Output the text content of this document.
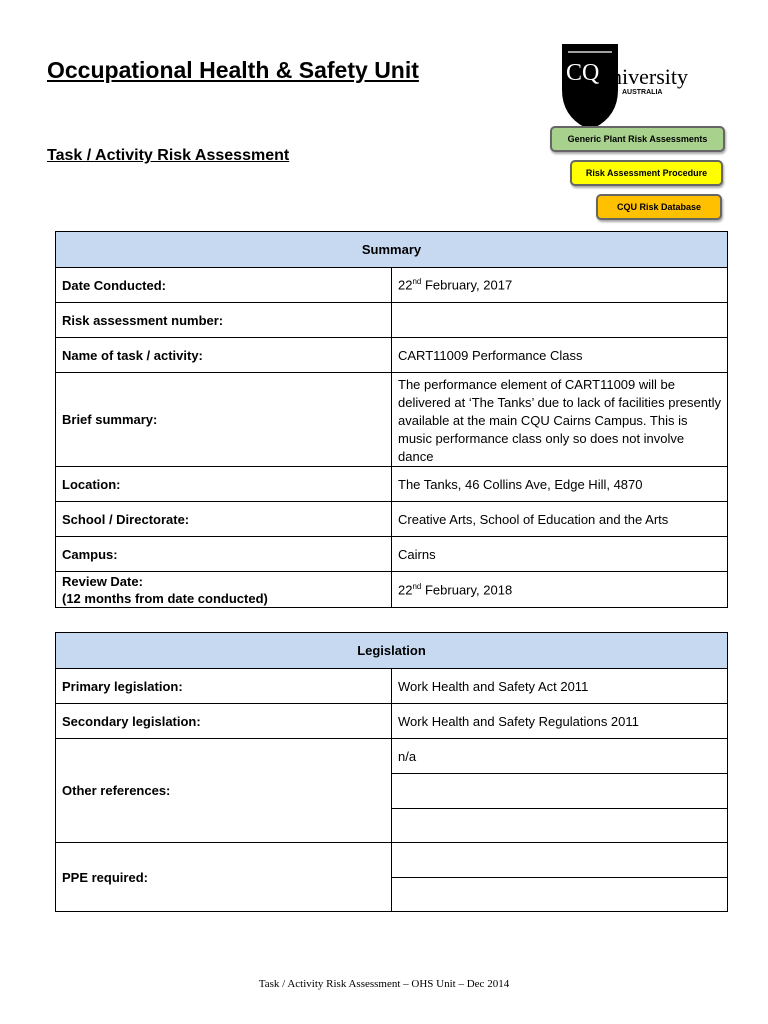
Occupational Health & Safety Unit
Task / Activity Risk Assessment
CQ university
AUSTRALIA
Generic Plant Risk Assessments
Risk Assessment Procedure
CQU Risk Database
Summary	
Date Conducted:	22nd February, 2017
Risk assessment number:	
Name of task / activity:	CART11009 Performance Class
Brief summary:	The performance element of CART11009 will be delivered at ‘The Tanks’ due to lack of facilities presently available at the main CQU Cairns Campus. This is music performance class only so does not involve dance
Location:	The Tanks, 46 Collins Ave, Edge Hill, 4870
School / Directorate:	Creative Arts, School of Education and the Arts
Campus:	Cairns
Review Date:
(12 months from date conducted)	22nd February, 2018
Legislation	
Primary legislation:	Work Health and Safety Act 2011
Secondary legislation:	Work Health and Safety Regulations 2011
Other references:	n/a

PPE required:	

Task / Activity Risk Assessment – OHS Unit – Dec 2014
